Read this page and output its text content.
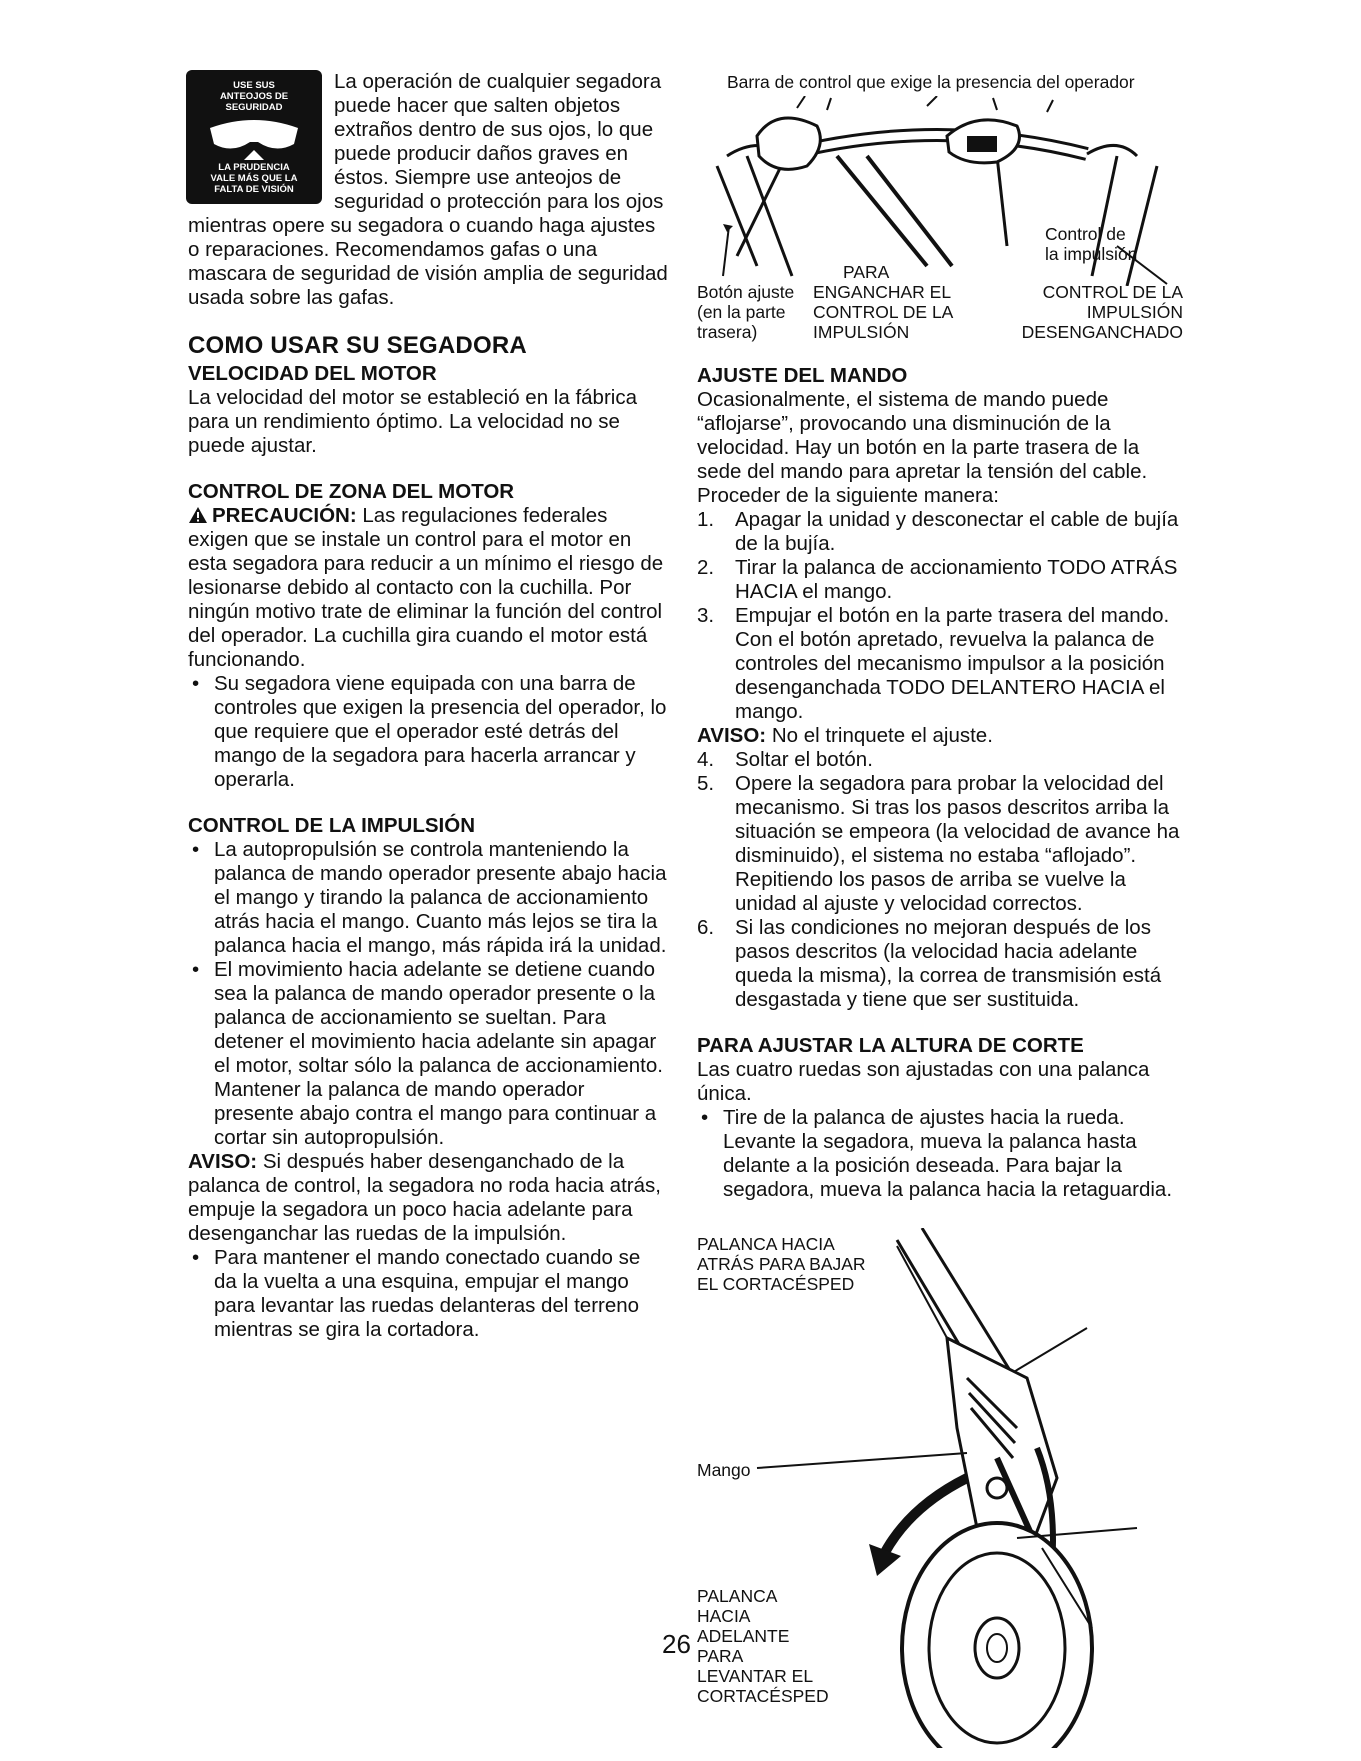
USE SUS
ANTEOJOS DE
SEGURIDAD
LA PRUDENCIA
VALE MÁS QUE LA
FALTA DE VISIÓN

La operación de cualquier segadora puede hacer que salten objetos extraños dentro de sus ojos, lo que puede producir daños graves en éstos. Siempre use anteojos de seguridad o protección para los ojos mientras opere su segadora o cuando haga ajustes o reparaciones. Recomendamos gafas o una mascara de seguridad de visión amplia de seguridad usada sobre las gafas.

COMO USAR SU SEGADORA
VELOCIDAD DEL MOTOR

La velocidad del motor se estableció en la fábrica para un rendimiento óptimo. La velocidad no se puede ajustar.

CONTROL DE ZONA DEL MOTOR

PRECAUCIÓN: Las regulaciones federales exigen que se instale un control para el motor en esta segadora para reducir a un mínimo el riesgo de lesionarse debido al contacto con la cuchilla. Por ningún motivo trate de eliminar la función del control del operador. La cuchilla gira cuando el motor está funcionando.

• Su segadora viene equipada con una barra de controles que exigen la presencia del operador, lo que requiere que el operador esté detrás del mango de la segadora para hacerla arrancar y operarla.
CONTROL DE LA IMPULSIÓN
• La autopropulsión se controla manteniendo la palanca de mando operador presente abajo hacia el mango y tirando la palanca de accionamiento atrás hacia el mango. Cuanto más lejos se tira la palanca hacia el mango, más rápida irá la unidad.
• El movimiento hacia adelante se detiene cuando sea la palanca de mando operador presente o la palanca de accionamiento se sueltan. Para detener el movimiento hacia adelante sin apagar el motor, soltar sólo la palanca de accionamiento. Mantener la palanca de mando operador presente abajo contra el mango para continuar a cortar sin autopropulsión.

AVISO: Si después haber desenganchado de la palanca de control, la segadora no roda hacia atrás, empuje la segadora un poco hacia adelante para desenganchar las ruedas de la impulsión.

• Para mantener el mando conectado cuando se da la vuelta a una esquina, empujar el mango para levantar las ruedas delanteras del terreno mientras se gira la cortadora.
Barra de control que exige la presencia del operador
Control de
la impulsión
Botón ajuste
(en la parte
trasera)
PARA
ENGANCHAR EL
CONTROL DE LA
IMPULSIÓN
CONTROL DE LA
IMPULSIÓN
DESENGANCHADO
AJUSTE DEL MANDO

Ocasionalmente, el sistema de mando puede “aflojarse”, provocando una disminución de la velocidad. Hay un botón en la parte trasera de la sede del mando para apretar la tensión del cable. Proceder de la siguiente manera:

1. Apagar la unidad y desconectar el cable de bujía de la bujía.
2. Tirar la palanca de accionamiento TODO ATRÁS HACIA el mango.
3. Empujar el botón en la parte trasera del mando. Con el botón apretado, revuelva la palanca de controles del mecanismo impulsor a la posición desenganchada TODO DELANTERO HACIA el mango.

AVISO: No el trinquete el ajuste.

4. Soltar el botón.
5. Opere la segadora para probar la velocidad del mecanismo. Si tras los pasos descritos arriba la situación se empeora (la velocidad de avance ha disminuido), el sistema no estaba “aflojado”. Repitiendo los pasos de arriba se vuelve la unidad al ajuste y velocidad correctos.
6. Si las condiciones no mejoran después de los pasos descritos (la velocidad hacia adelante queda la misma), la correa de transmisión está desgastada y tiene que ser sustituida.
PARA AJUSTAR LA ALTURA DE CORTE

Las cuatro ruedas son ajustadas con una palanca única.

• Tire de la palanca de ajustes hacia la rueda. Levante la segadora, mueva la palanca hasta delante a la posición deseada. Para bajar la segadora, mueva la palanca hacia la retaguardia.
PALANCA HACIA
ATRÁS PARA BAJAR
EL CORTACÉSPED
Mango
PALANCA
HACIA
ADELANTE
PARA
LEVANTAR EL
CORTACÉSPED
26
